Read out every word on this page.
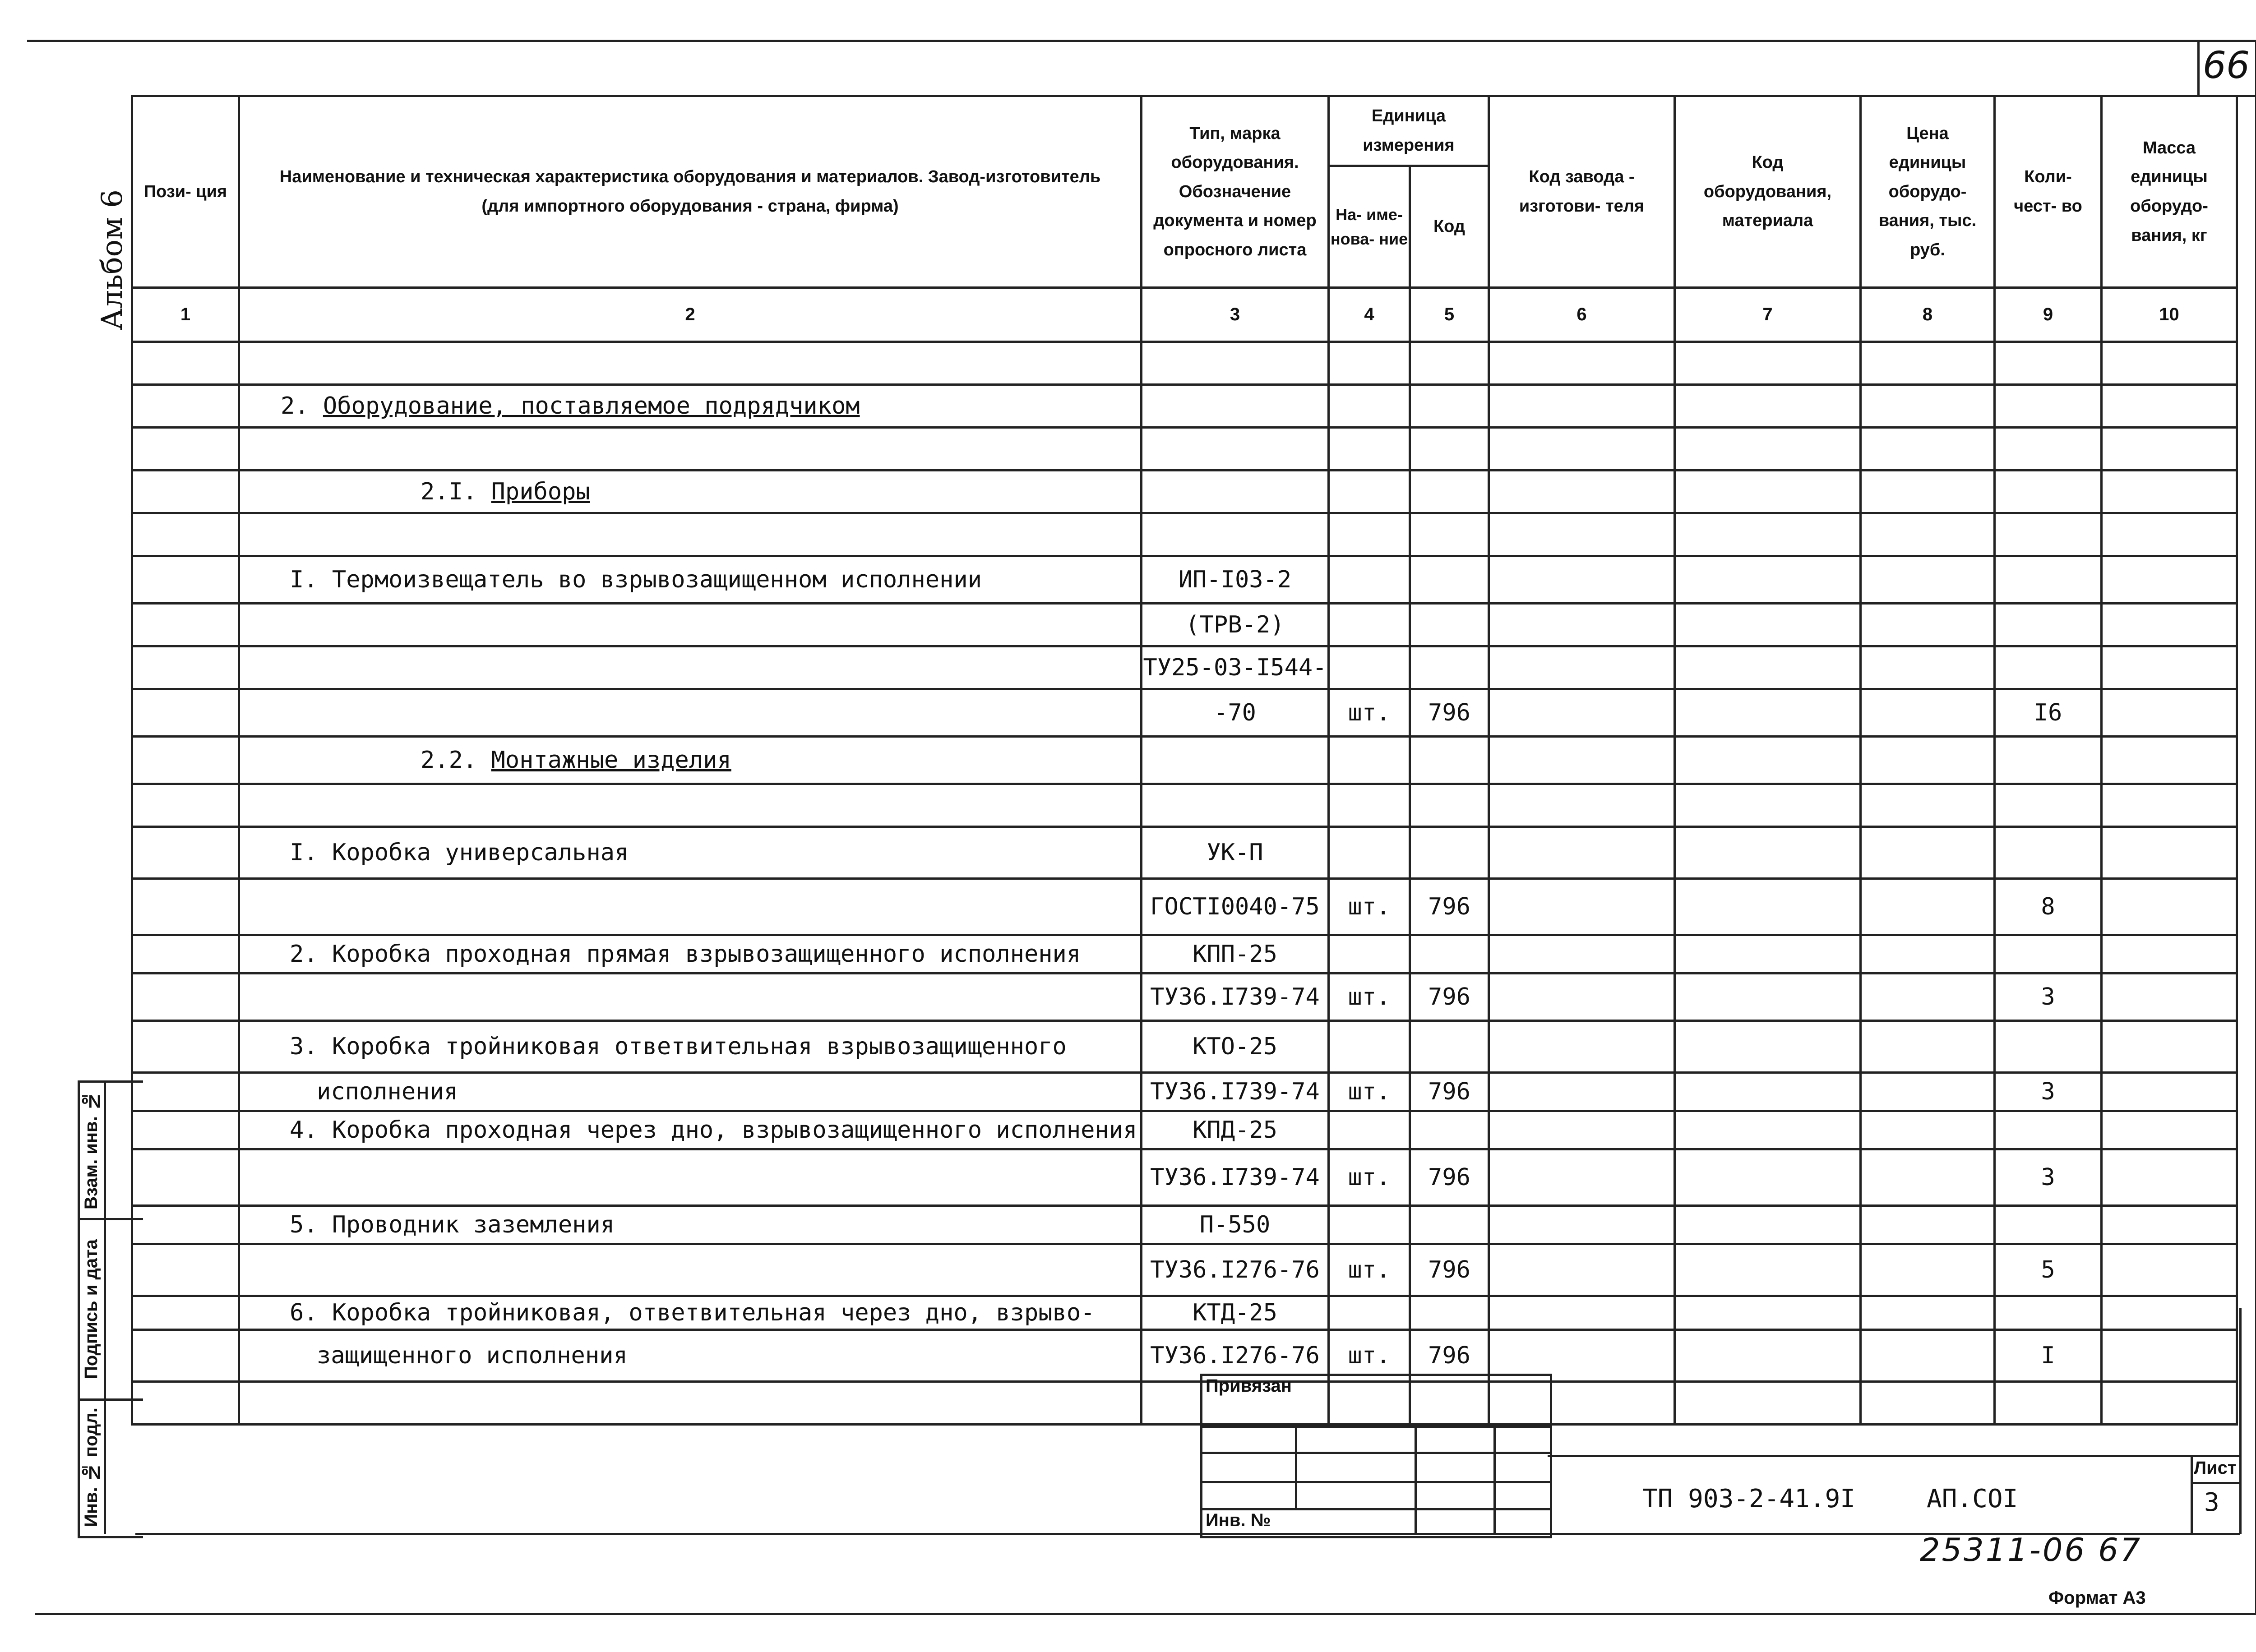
66
Альбом 6
Взам. инв. №
Подпись и дата
Инв. № подл.
Пози- ция	Наименование и техническая характеристика оборудования и материалов. Завод-изготовитель (для импортного оборудования - страна, фирма)	Тип, марка оборудования. Обозначение документа и номер опросного листа	Единица измерения		Код завода - изготови- теля	Код оборудования, материала	Цена единицы оборудо- вания, тыс. руб.	Коли- чест- во	Масса единицы оборудо- вания, кг
			На- име- нова- ние	Код					
1	2	3	4	5	6	7	8	9	10

	2. Оборудование, поставляемое подрядчиком								

	2.I. Приборы								

	I. Термоизвещатель во взрывозащищенном исполнении	ИП-I03-2							
		(ТРВ-2)							
		ТУ25-03-I544-							
		-70	шт.	796				I6	
	2.2. Монтажные изделия								

	I. Коробка универсальная	УК-П							
		ГОСТI0040-75	шт.	796				8	
	2. Коробка проходная прямая взрывозащищенного исполнения	КПП-25							
		ТУ36.I739-74	шт.	796				3	
	3. Коробка тройниковая ответвительная взрывозащищенного	КТО-25							
	исполнения	ТУ36.I739-74	шт.	796				3	
	4. Коробка проходная через дно, взрывозащищенного исполнения	КПД-25							
		ТУ36.I739-74	шт.	796				3	
	5. Проводник заземления	П-550							
		ТУ36.I276-76	шт.	796				5	
	6. Коробка тройниковая, ответвительная через дно, взрыво-	КТД-25							
	защищенного исполнения	ТУ36.I276-76	шт.	796				I	

Привязан
Инв. №
ТП 903-2-41.9I	АП.СОI
Лист
3
25311-06 67
Формат А3
